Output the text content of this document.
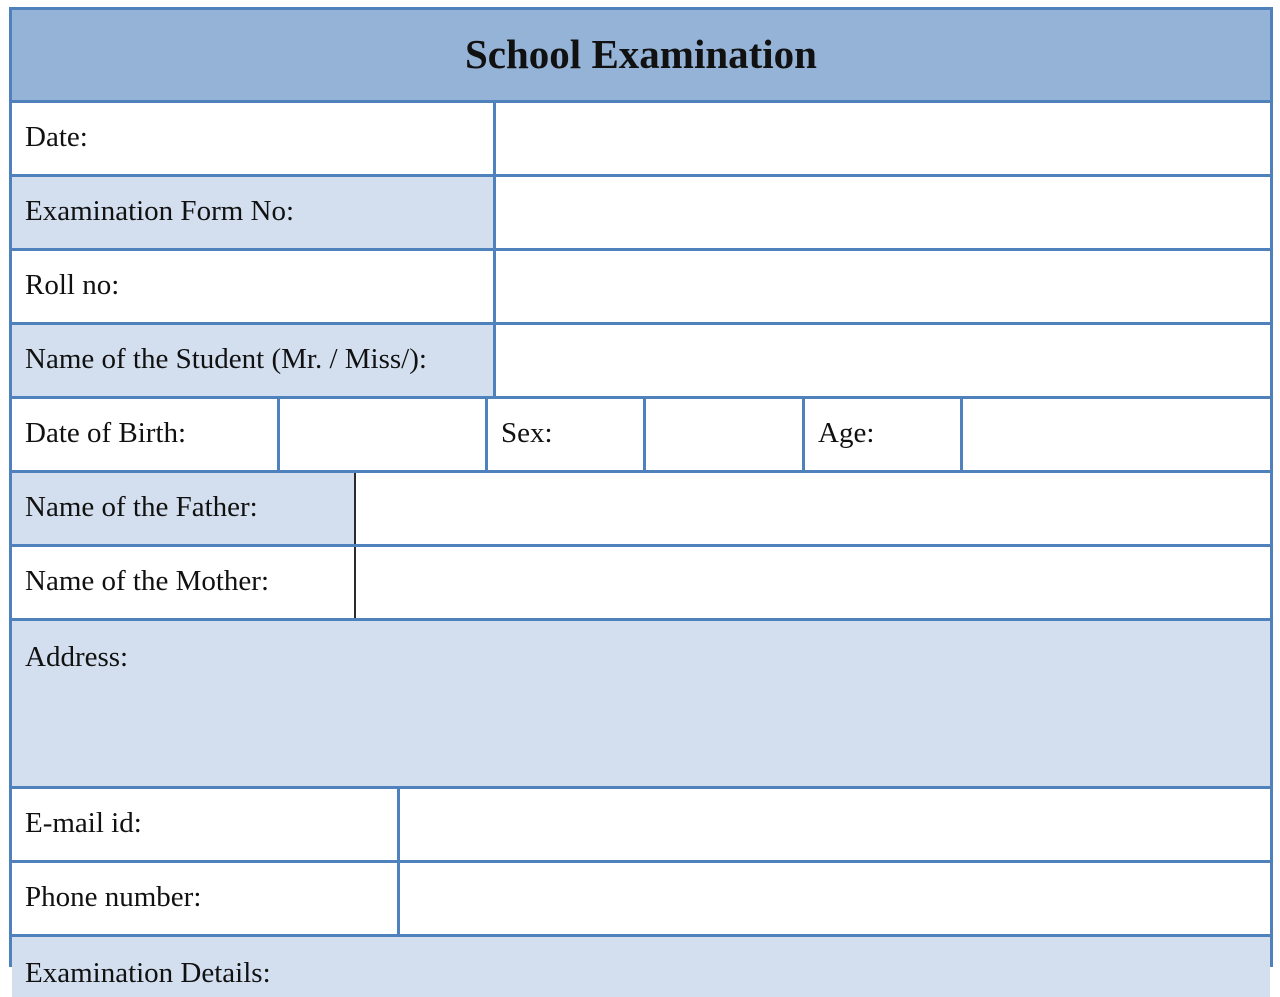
School Examination
Date:
Examination Form No:
Roll no:
Name of the Student (Mr. / Miss/):
Date of Birth:	Sex:	Age:
Name of the Father:
Name of the Mother:
Address:
E-mail id:
Phone number:
Examination Details:
